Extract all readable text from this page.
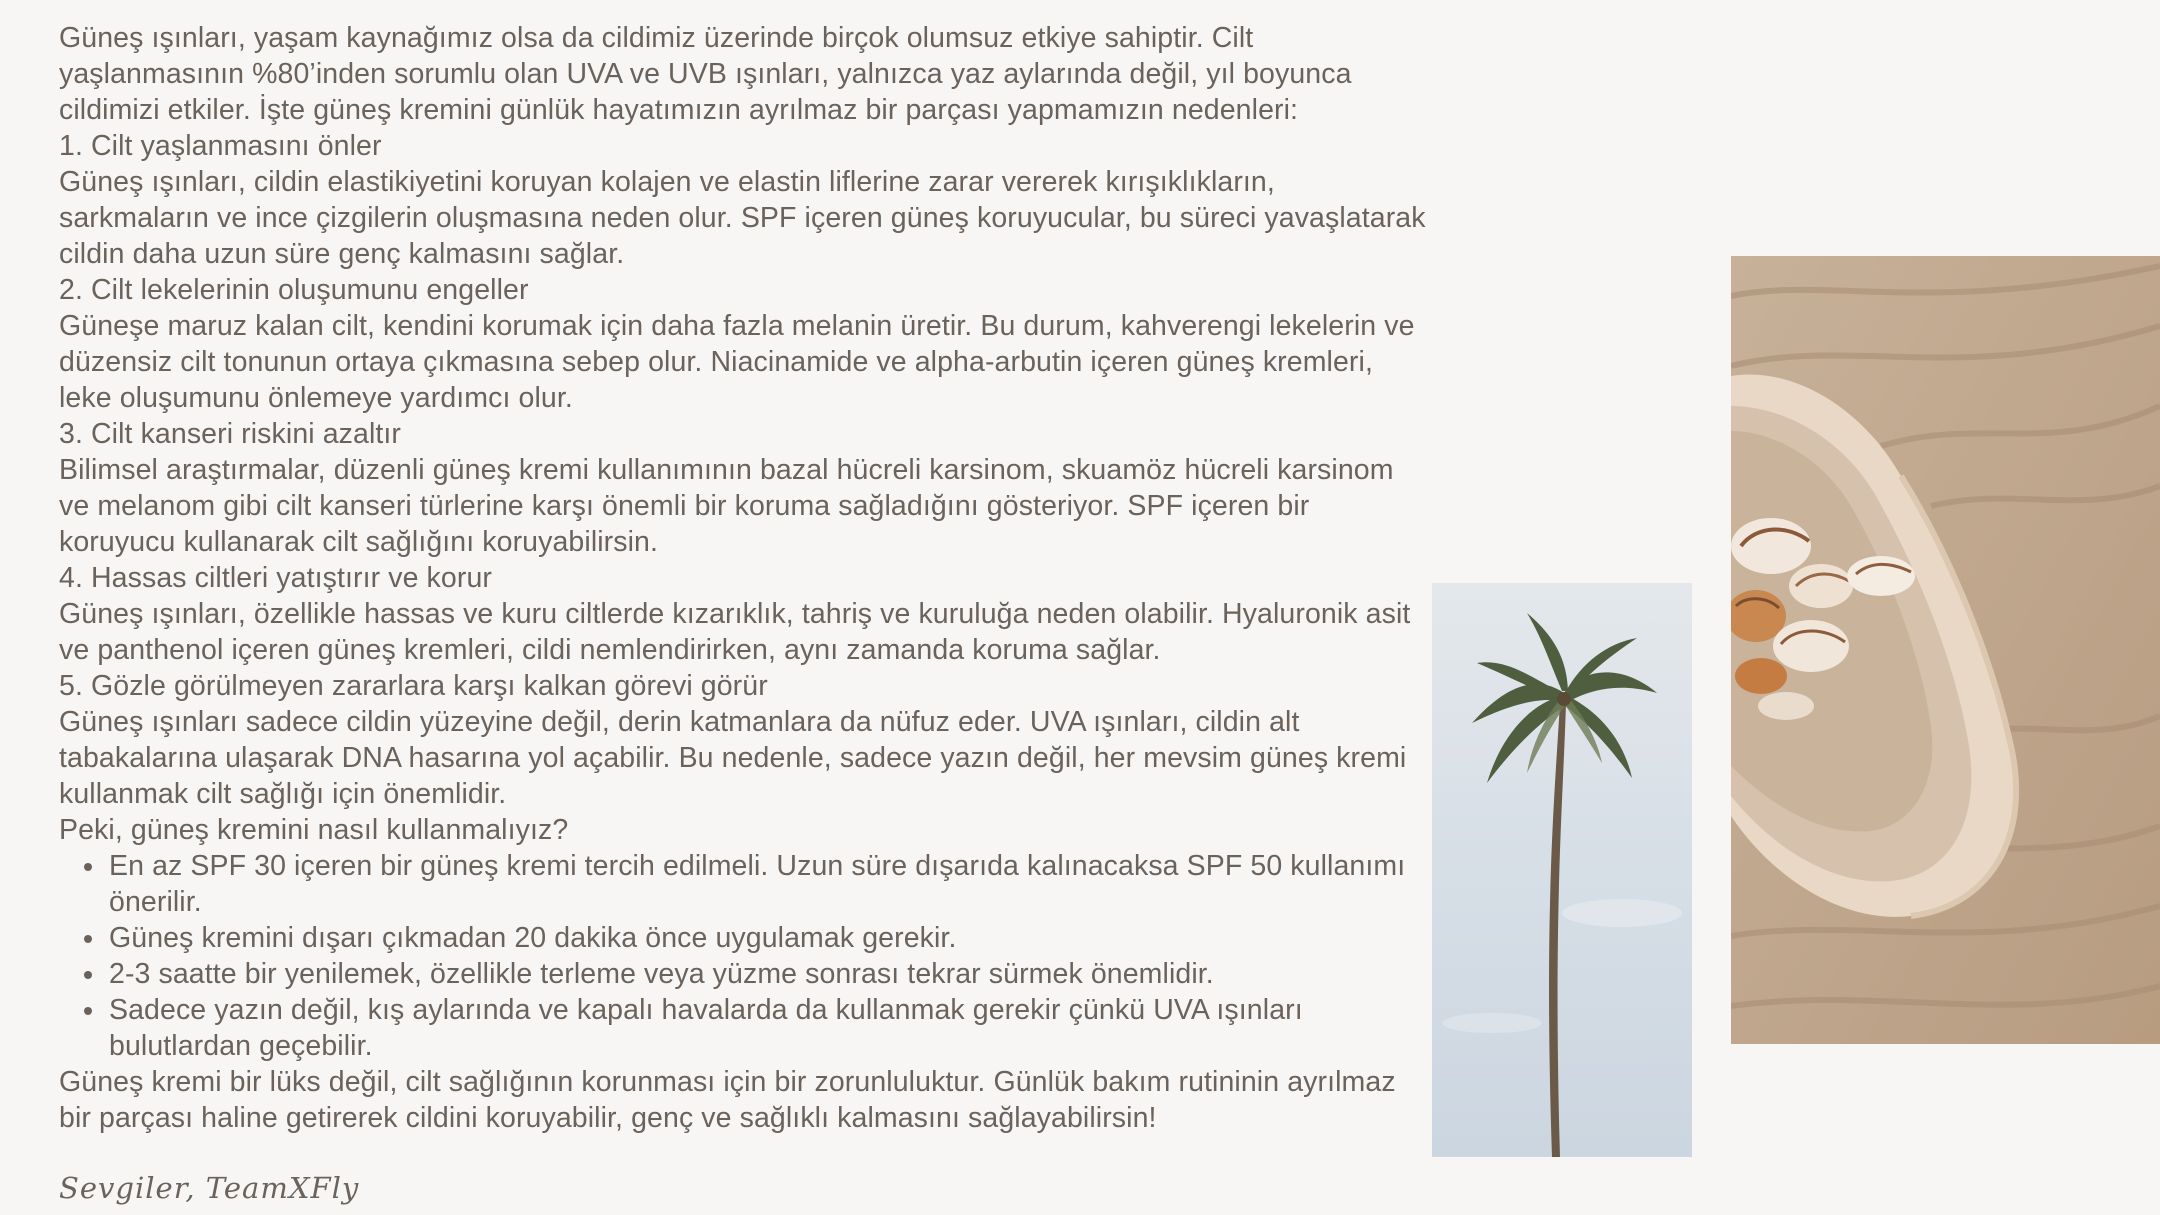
Güneş ışınları, yaşam kaynağımız olsa da cildimiz üzerinde birçok olumsuz etkiye sahiptir. Cilt yaşlanmasının %80’inden sorumlu olan UVA ve UVB ışınları, yalnızca yaz aylarında değil, yıl boyunca cildimizi etkiler. İşte güneş kremini günlük hayatımızın ayrılmaz bir parçası yapmamızın nedenleri:

1. Cilt yaşlanmasını önler

Güneş ışınları, cildin elastikiyetini koruyan kolajen ve elastin liflerine zarar vererek kırışıklıkların, sarkmaların ve ince çizgilerin oluşmasına neden olur. SPF içeren güneş koruyucular, bu süreci yavaşlatarak cildin daha uzun süre genç kalmasını sağlar.

2. Cilt lekelerinin oluşumunu engeller

Güneşe maruz kalan cilt, kendini korumak için daha fazla melanin üretir. Bu durum, kahverengi lekelerin ve düzensiz cilt tonunun ortaya çıkmasına sebep olur. Niacinamide ve alpha-arbutin içeren güneş kremleri, leke oluşumunu önlemeye yardımcı olur.

3. Cilt kanseri riskini azaltır

Bilimsel araştırmalar, düzenli güneş kremi kullanımının bazal hücreli karsinom, skuamöz hücreli karsinom ve melanom gibi cilt kanseri türlerine karşı önemli bir koruma sağladığını gösteriyor. SPF içeren bir koruyucu kullanarak cilt sağlığını koruyabilirsin.

4. Hassas ciltleri yatıştırır ve korur

Güneş ışınları, özellikle hassas ve kuru ciltlerde kızarıklık, tahriş ve kuruluğa neden olabilir. Hyaluronik asit ve panthenol içeren güneş kremleri, cildi nemlendirirken, aynı zamanda koruma sağlar.

5. Gözle görülmeyen zararlara karşı kalkan görevi görür

Güneş ışınları sadece cildin yüzeyine değil, derin katmanlara da nüfuz eder. UVA ışınları, cildin alt tabakalarına ulaşarak DNA hasarına yol açabilir. Bu nedenle, sadece yazın değil, her mevsim güneş kremi kullanmak cilt sağlığı için önemlidir.

Peki, güneş kremini nasıl kullanmalıyız?

En az SPF 30 içeren bir güneş kremi tercih edilmeli. Uzun süre dışarıda kalınacaksa SPF 50 kullanımı önerilir.
Güneş kremini dışarı çıkmadan 20 dakika önce uygulamak gerekir.
2-3 saatte bir yenilemek, özellikle terleme veya yüzme sonrası tekrar sürmek önemlidir.
Sadece yazın değil, kış aylarında ve kapalı havalarda da kullanmak gerekir çünkü UVA ışınları bulutlardan geçebilir.

Güneş kremi bir lüks değil, cilt sağlığının korunması için bir zorunluluktur. Günlük bakım rutininin ayrılmaz bir parçası haline getirerek cildini koruyabilir, genç ve sağlıklı kalmasını sağlayabilirsin!

Sevgiler, TeamXFly
